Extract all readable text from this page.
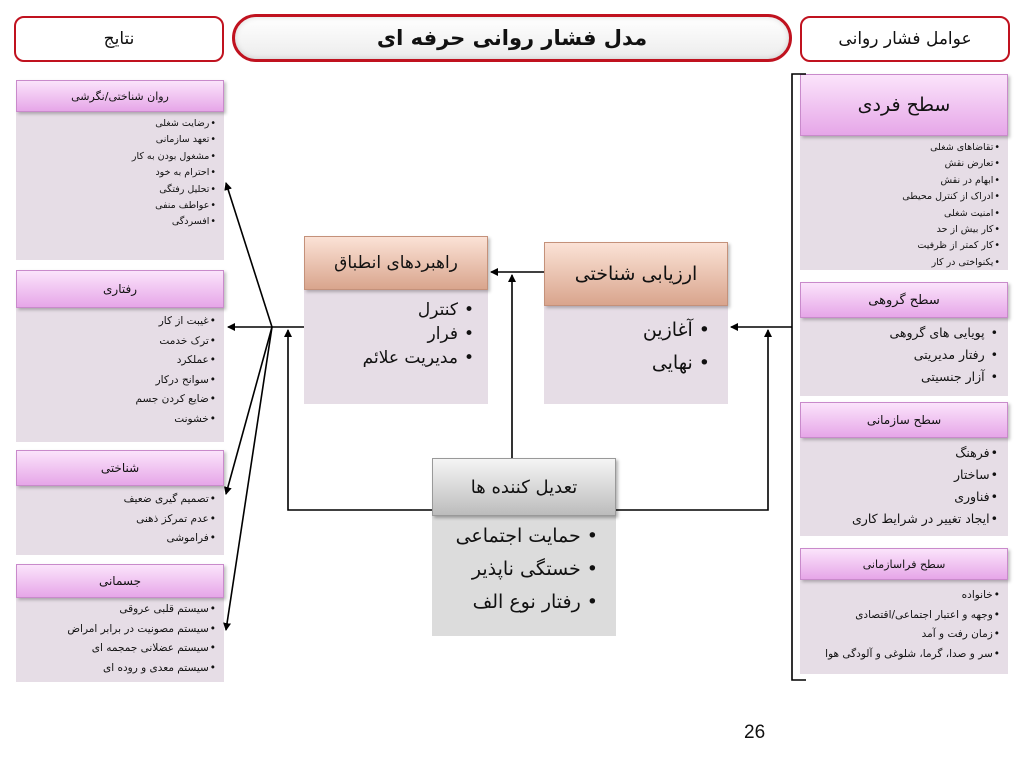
نتایج	مدل فشار روانی حرفه ای	عوامل فشار روانی
روان شناختی/نگرشی
• رضایت شغلی
• تعهد سازمانی
• مشغول بودن به کار
• احترام به خود
• تحلیل رفتگی
• عواطف منفی
• افسردگی
رفتاری
• غیبت از کار
• ترک خدمت
• عملکرد
• سوانح درکار
• ضایع کردن جسم
• خشونت
شناختی
• تصمیم گیری ضعیف
• عدم تمرکز ذهنی
• فراموشی
جسمانی
• سیستم قلبی عروقی
• سیستم مصونیت در برابر امراض
• سیستم عضلانی جمجمه ای
• سیستم معدی و روده ای
سطح فردی
• تقاضاهای شغلی
• تعارض نقش
• ابهام در نقش
• ادراک از کنترل محیطی
• امنیت شغلی
• کار بیش از حد
• کار کمتر از ظرفیت
• یکنواختی در کار
سطح گروهی
• پویایی های گروهی
• رفتار مدیریتی
• آزار جنسیتی
سطح سازمانی
• فرهنگ
• ساختار
• فناوری
• ایجاد تغییر در شرایط کاری
سطح فراسازمانی
• خانواده
• وجهه و اعتبار اجتماعی/اقتصادی
• زمان رفت و آمد
• سر و صدا، گرما، شلوغی و آلودگی هوا
راهبردهای انطباق
• کنترل
• فرار
• مدیریت علائم
ارزیابی شناختی
• آغازین
• نهایی
تعدیل کننده ها
• حمایت اجتماعی
• خستگی ناپذیر
• رفتار نوع الف
26
